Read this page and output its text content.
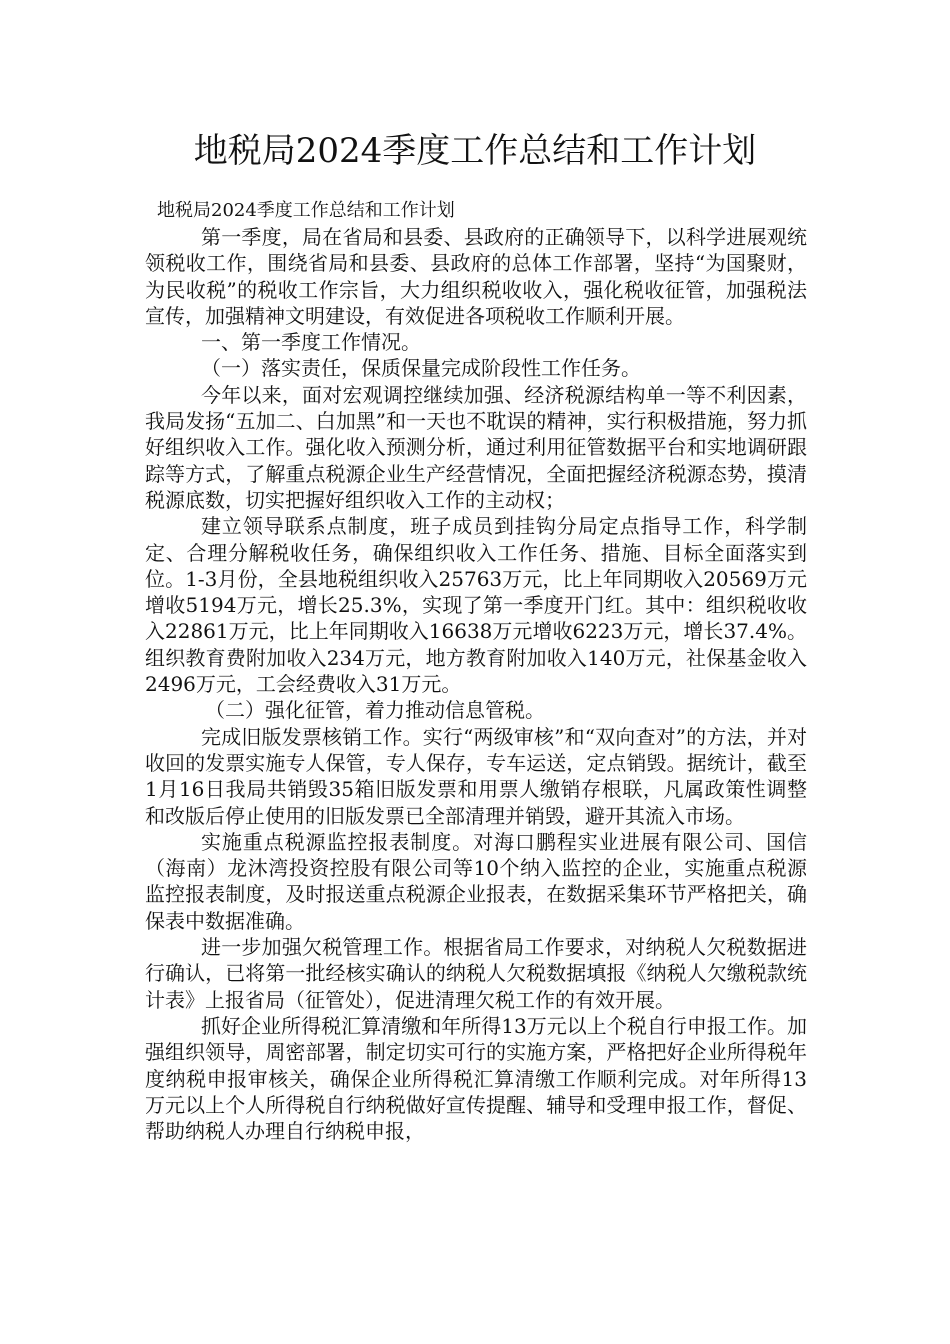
地税局2024季度工作总结和工作计划

地税局2024季度工作总结和工作计划

第一季度，局在省局和县委、县政府的正确领导下，以科学进展观统领税收工作，围绕省局和县委、县政府的总体工作部署，坚持“为国聚财，为民收税”的税收工作宗旨，大力组织税收收入，强化税收征管，加强税法宣传，加强精神文明建设，有效促进各项税收工作顺利开展。

一、第一季度工作情况。

（一）落实责任，保质保量完成阶段性工作任务。

今年以来，面对宏观调控继续加强、经济税源结构单一等不利因素，我局发扬“五加二、白加黑”和一天也不耽误的精神，实行积极措施，努力抓好组织收入工作。强化收入预测分析，通过利用征管数据平台和实地调研跟踪等方式，了解重点税源企业生产经营情况，全面把握经济税源态势，摸清税源底数，切实把握好组织收入工作的主动权；

建立领导联系点制度，班子成员到挂钩分局定点指导工作，科学制定、合理分解税收任务，确保组织收入工作任务、措施、目标全面落实到位。1-3月份，全县地税组织收入25763万元，比上年同期收入20569万元增收5194万元，增长25.3%，实现了第一季度开门红。其中：组织税收收入22861万元，比上年同期收入16638万元增收6223万元，增长37.4%。组织教育费附加收入234万元，地方教育附加收入140万元，社保基金收入2496万元，工会经费收入31万元。

（二）强化征管，着力推动信息管税。

完成旧版发票核销工作。实行“两级审核”和“双向查对”的方法，并对收回的发票实施专人保管，专人保存，专车运送，定点销毁。据统计，截至1月16日我局共销毁35箱旧版发票和用票人缴销存根联，凡属政策性调整和改版后停止使用的旧版发票已全部清理并销毁，避开其流入市场。

实施重点税源监控报表制度。对海口鹏程实业进展有限公司、国信（海南）龙沐湾投资控股有限公司等10个纳入监控的企业，实施重点税源监控报表制度，及时报送重点税源企业报表，在数据采集环节严格把关，确保表中数据准确。

进一步加强欠税管理工作。根据省局工作要求，对纳税人欠税数据进行确认，已将第一批经核实确认的纳税人欠税数据填报《纳税人欠缴税款统计表》上报省局（征管处），促进清理欠税工作的有效开展。

抓好企业所得税汇算清缴和年所得13万元以上个税自行申报工作。加强组织领导，周密部署，制定切实可行的实施方案，严格把好企业所得税年度纳税申报审核关，确保企业所得税汇算清缴工作顺利完成。对年所得13万元以上个人所得税自行纳税做好宣传提醒、辅导和受理申报工作，督促、帮助纳税人办理自行纳税申报，
